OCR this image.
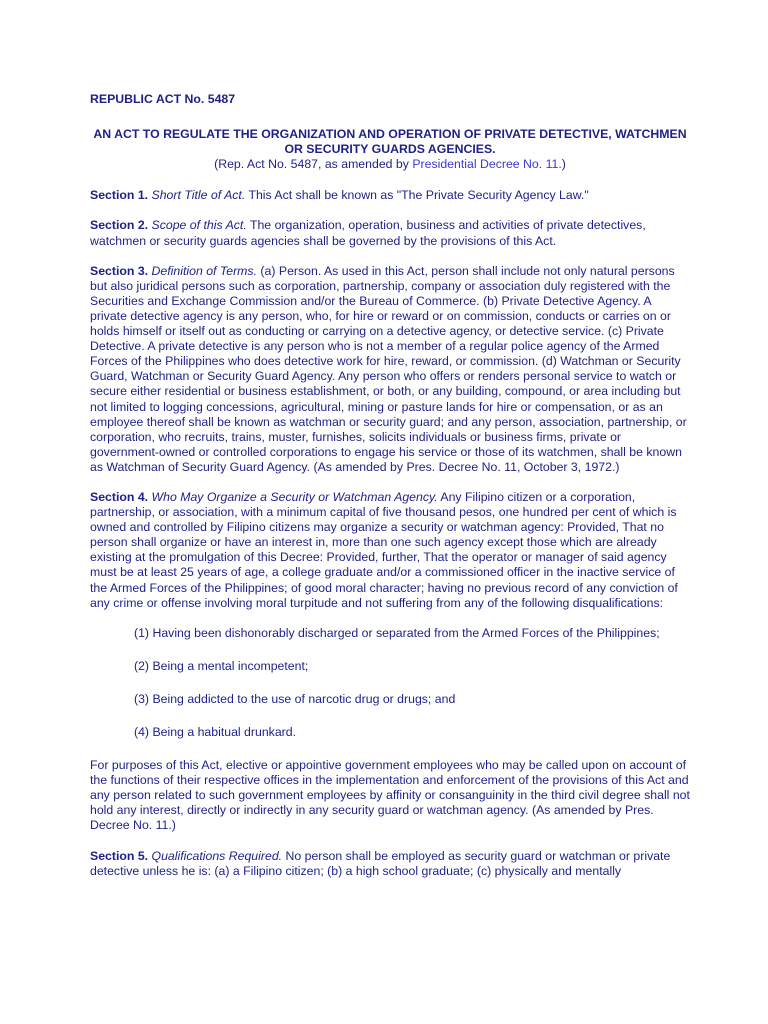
REPUBLIC ACT No. 5487

AN ACT TO REGULATE THE ORGANIZATION AND OPERATION OF PRIVATE DETECTIVE, WATCHMEN OR SECURITY GUARDS AGENCIES.

(Rep. Act No. 5487, as amended by Presidential Decree No. 11.)

Section 1. Short Title of Act. This Act shall be known as "The Private Security Agency Law."

Section 2. Scope of this Act. The organization, operation, business and activities of private detectives, watchmen or security guards agencies shall be governed by the provisions of this Act.

Section 3. Definition of Terms. (a) Person. As used in this Act, person shall include not only natural persons but also juridical persons such as corporation, partnership, company or association duly registered with the Securities and Exchange Commission and/or the Bureau of Commerce. (b) Private Detective Agency. A private detective agency is any person, who, for hire or reward or on commission, conducts or carries on or holds himself or itself out as conducting or carrying on a detective agency, or detective service. (c) Private Detective. A private detective is any person who is not a member of a regular police agency of the Armed Forces of the Philippines who does detective work for hire, reward, or commission. (d) Watchman or Security Guard, Watchman or Security Guard Agency. Any person who offers or renders personal service to watch or secure either residential or business establishment, or both, or any building, compound, or area including but not limited to logging concessions, agricultural, mining or pasture lands for hire or compensation, or as an employee thereof shall be known as watchman or security guard; and any person, association, partnership, or corporation, who recruits, trains, muster, furnishes, solicits individuals or business firms, private or government-owned or controlled corporations to engage his service or those of its watchmen, shall be known as Watchman of Security Guard Agency. (As amended by Pres. Decree No. 11, October 3, 1972.)

Section 4. Who May Organize a Security or Watchman Agency. Any Filipino citizen or a corporation, partnership, or association, with a minimum capital of five thousand pesos, one hundred per cent of which is owned and controlled by Filipino citizens may organize a security or watchman agency: Provided, That no person shall organize or have an interest in, more than one such agency except those which are already existing at the promulgation of this Decree: Provided, further, That the operator or manager of said agency must be at least 25 years of age, a college graduate and/or a commissioned officer in the inactive service of the Armed Forces of the Philippines; of good moral character; having no previous record of any conviction of any crime or offense involving moral turpitude and not suffering from any of the following disqualifications:

(1) Having been dishonorably discharged or separated from the Armed Forces of the Philippines;
(2) Being a mental incompetent;
(3) Being addicted to the use of narcotic drug or drugs; and
(4) Being a habitual drunkard.

For purposes of this Act, elective or appointive government employees who may be called upon on account of the functions of their respective offices in the implementation and enforcement of the provisions of this Act and any person related to such government employees by affinity or consanguinity in the third civil degree shall not hold any interest, directly or indirectly in any security guard or watchman agency. (As amended by Pres. Decree No. 11.)

Section 5. Qualifications Required. No person shall be employed as security guard or watchman or private detective unless he is: (a) a Filipino citizen; (b) a high school graduate; (c) physically and mentally
